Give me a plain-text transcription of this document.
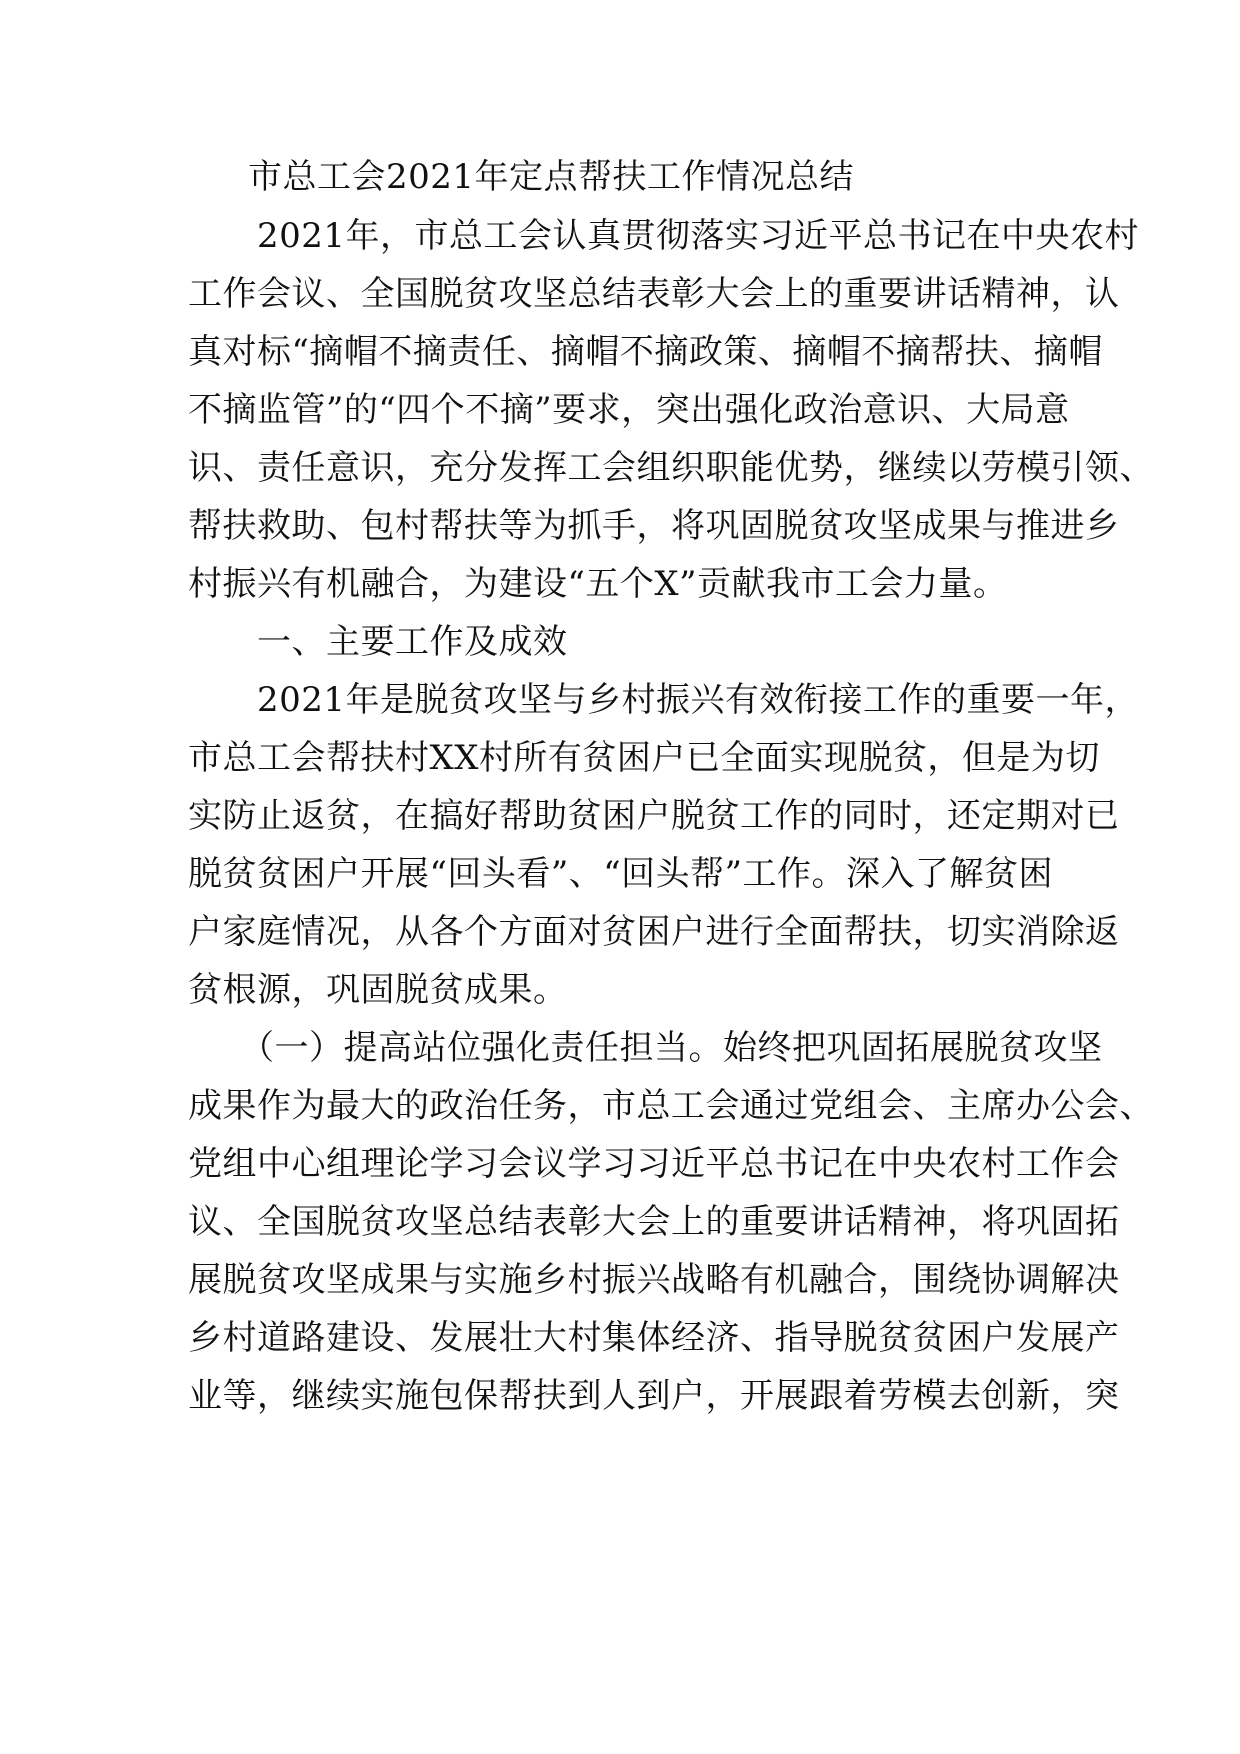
市总工会2021年定点帮扶工作情况总结
　　2021年，市总工会认真贯彻落实习近平总书记在中央农村
工作会议、全国脱贫攻坚总结表彰大会上的重要讲话精神，认
真对标“摘帽不摘责任、摘帽不摘政策、摘帽不摘帮扶、摘帽
不摘监管”的“四个不摘”要求，突出强化政治意识、大局意
识、责任意识，充分发挥工会组织职能优势，继续以劳模引领、
帮扶救助、包村帮扶等为抓手，将巩固脱贫攻坚成果与推进乡
村振兴有机融合，为建设“五个X”贡献我市工会力量。
　　一、主要工作及成效
　　2021年是脱贫攻坚与乡村振兴有效衔接工作的重要一年，
市总工会帮扶村XX村所有贫困户已全面实现脱贫，但是为切
实防止返贫，在搞好帮助贫困户脱贫工作的同时，还定期对已
脱贫贫困户开展“回头看”、“回头帮”工作。深入了解贫困
户家庭情况，从各个方面对贫困户进行全面帮扶，切实消除返
贫根源，巩固脱贫成果。
　　（一）提高站位强化责任担当。始终把巩固拓展脱贫攻坚
成果作为最大的政治任务，市总工会通过党组会、主席办公会、
党组中心组理论学习会议学习习近平总书记在中央农村工作会
议、全国脱贫攻坚总结表彰大会上的重要讲话精神，将巩固拓
展脱贫攻坚成果与实施乡村振兴战略有机融合，围绕协调解决
乡村道路建设、发展壮大村集体经济、指导脱贫贫困户发展产
业等，继续实施包保帮扶到人到户，开展跟着劳模去创新，突
